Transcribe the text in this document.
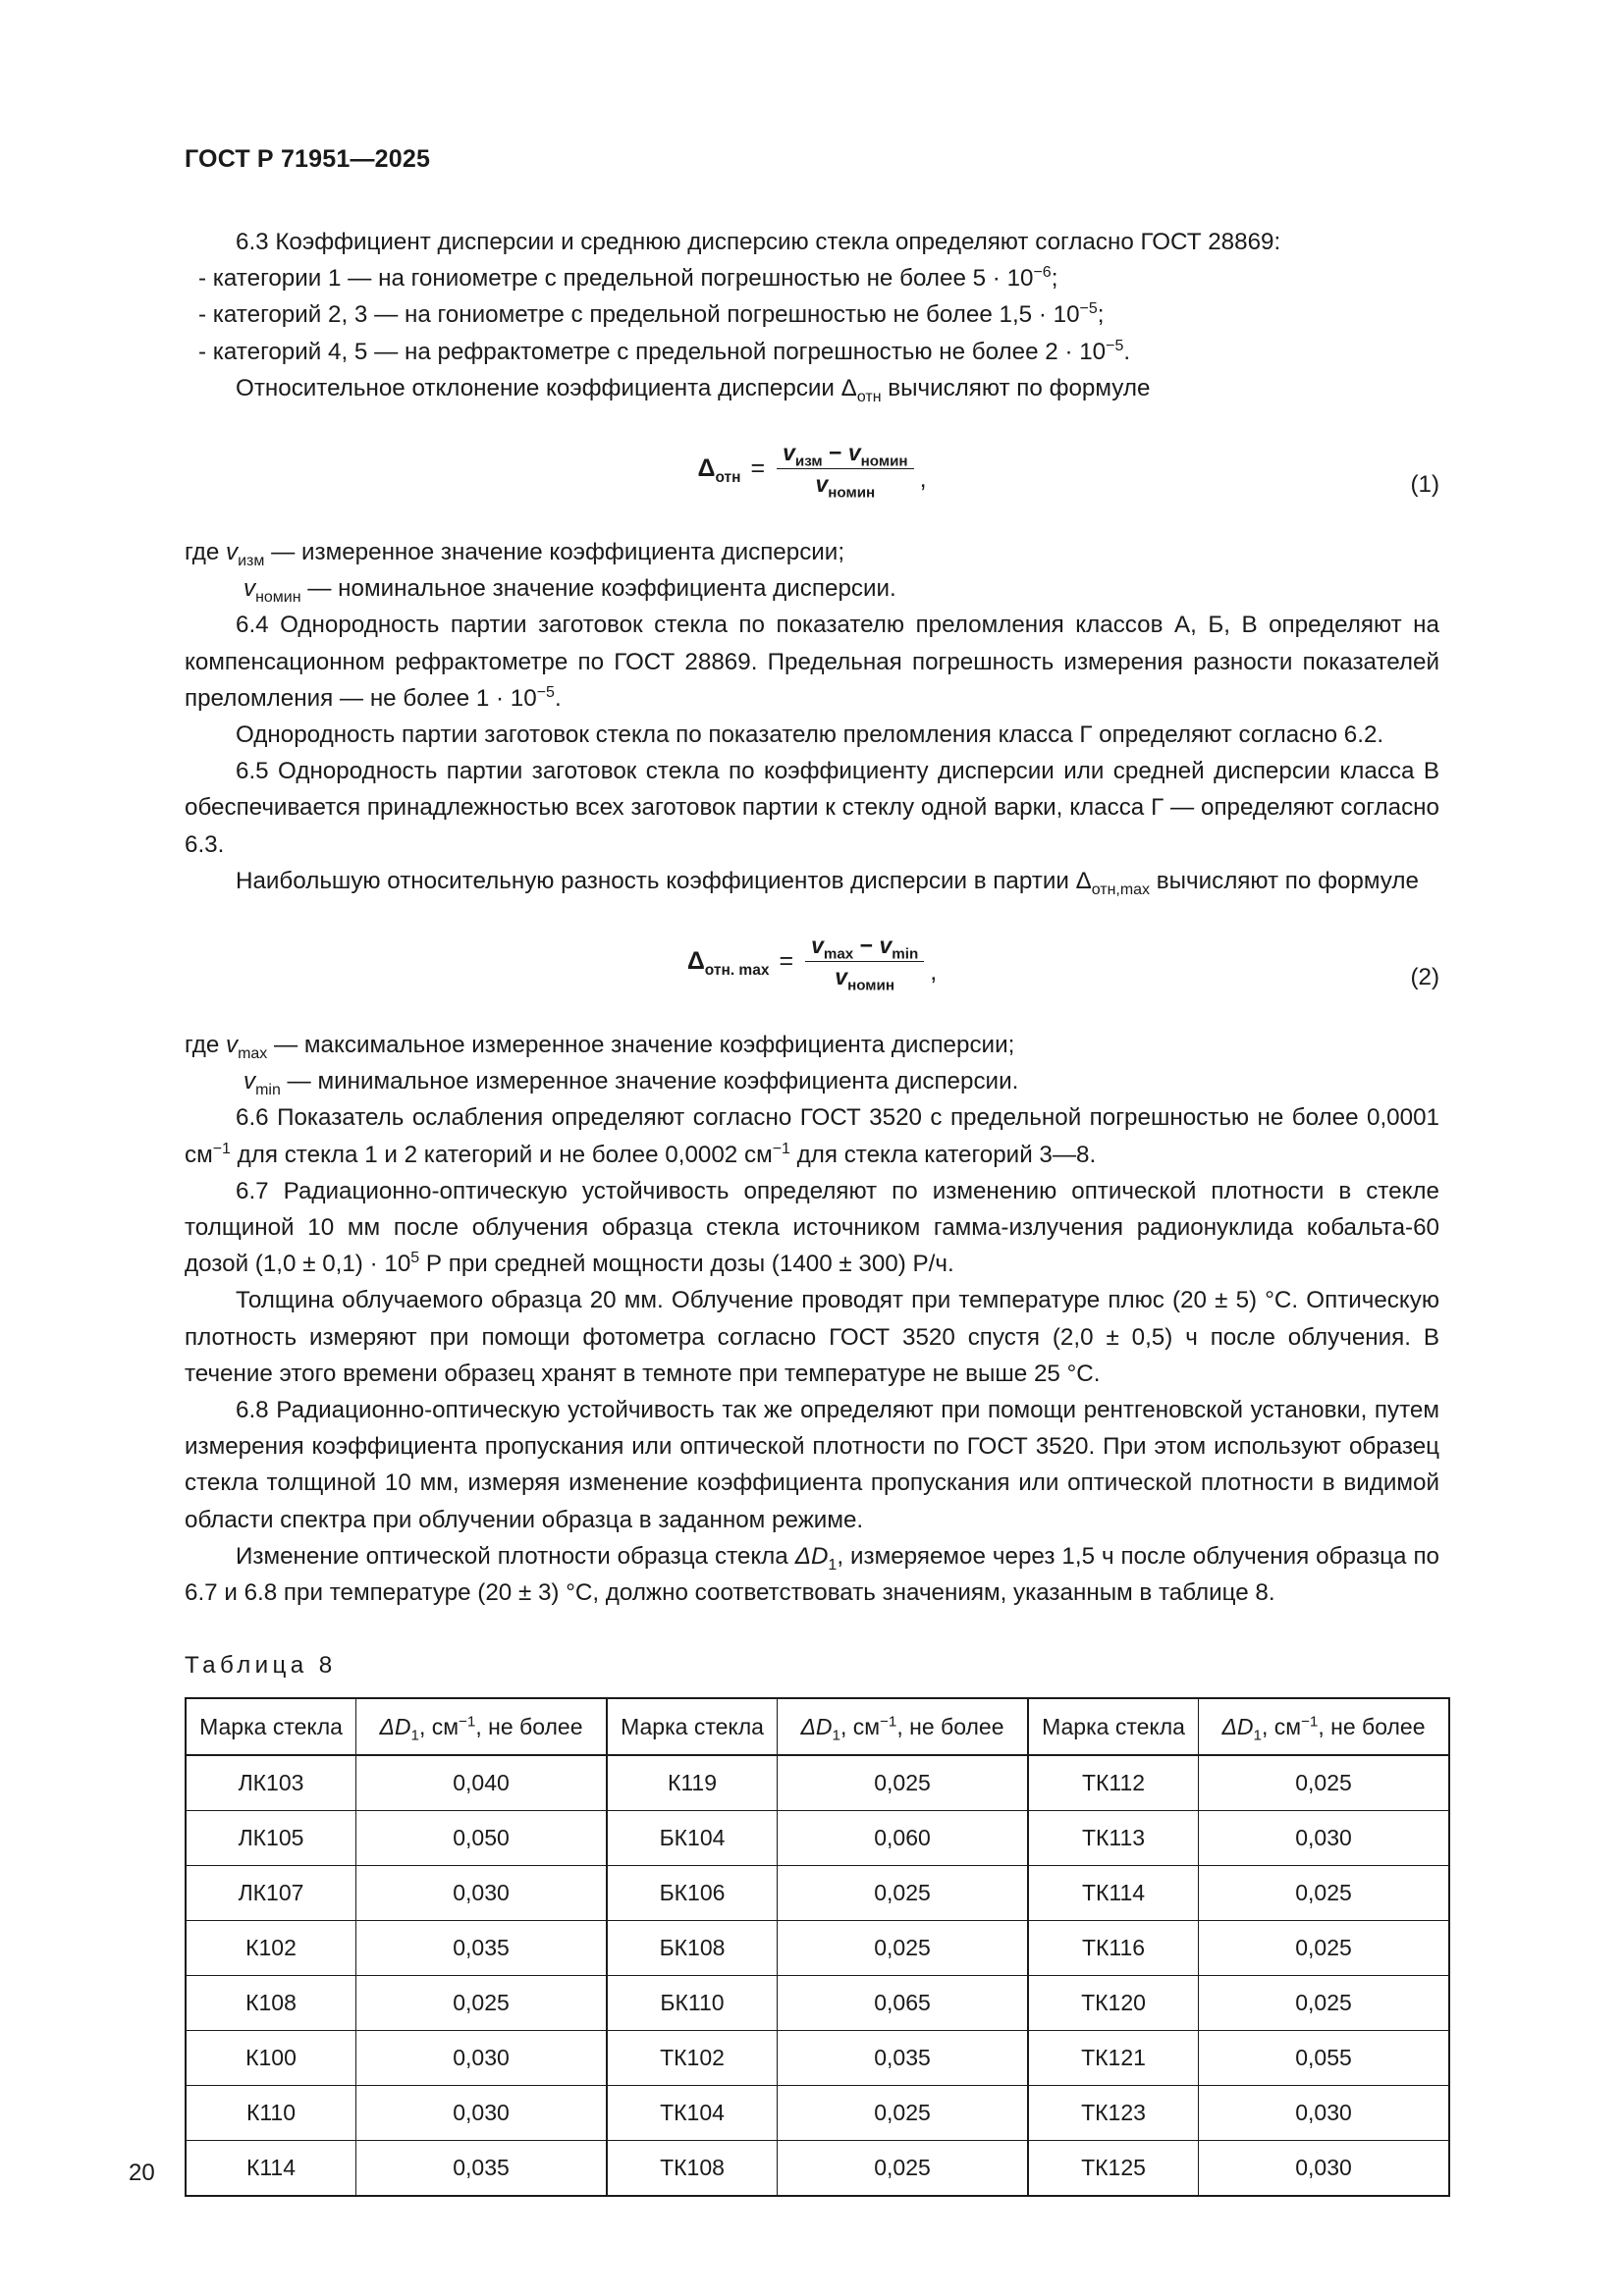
ГОСТ Р 71951—2025

6.3 Коэффициент дисперсии и среднюю дисперсию стекла определяют согласно ГОСТ 28869:

- категории 1 — на гониометре с предельной погрешностью не более $5 \cdot 10^{-6}$;

- категорий 2, 3 — на гониометре с предельной погрешностью не более $1,5 \cdot 10^{-5}$;

- категорий 4, 5 — на рефрактометре с предельной погрешностью не более $2 \cdot 10^{-5}$.

Относительное отклонение коэффициента дисперсии $\Delta_{отн}$ вычисляют по формуле

$\Delta_{отн} = \frac{v_{изм} - v_{номин}}{v_{номин}}$ ,	(1)
где $v_{изм}$ — измеренное значение коэффициента дисперсии;
$v_{номин}$ — номинальное значение коэффициента дисперсии.

6.4 Однородность партии заготовок стекла по показателю преломления классов А, Б, В определяют на компенсационном рефрактометре по ГОСТ 28869. Предельная погрешность измерения разности показателей преломления — не более $1 \cdot 10^{-5}$.

Однородность партии заготовок стекла по показателю преломления класса Г определяют согласно 6.2.

6.5 Однородность партии заготовок стекла по коэффициенту дисперсии или средней дисперсии класса В обеспечивается принадлежностью всех заготовок партии к стеклу одной варки, класса Г — определяют согласно 6.3.

Наибольшую относительную разность коэффициентов дисперсии в партии $\Delta_{отн,max}$ вычисляют по формуле

$\Delta_{отн. max} = \frac{v_{max} - v_{min}}{v_{номин}}$ ,	(2)
где $v_{max}$ — максимальное измеренное значение коэффициента дисперсии;
$v_{min}$ — минимальное измеренное значение коэффициента дисперсии.

6.6 Показатель ослабления определяют согласно ГОСТ 3520 с предельной погрешностью не более 0,0001 $см^{-1}$ для стекла 1 и 2 категорий и не более 0,0002 $см^{-1}$ для стекла категорий 3—8.

6.7 Радиационно-оптическую устойчивость определяют по изменению оптической плотности в стекле толщиной 10 мм после облучения образца стекла источником гамма-излучения радионуклида кобальта-60 дозой $(1,0 \pm 0,1) \cdot 10^5$ Р при средней мощности дозы (1400 ± 300) Р/ч.

Толщина облучаемого образца 20 мм. Облучение проводят при температуре плюс (20 ± 5) °C. Оптическую плотность измеряют при помощи фотометра согласно ГОСТ 3520 спустя (2,0 ± 0,5) ч после облучения. В течение этого времени образец хранят в темноте при температуре не выше 25 °C.

6.8 Радиационно-оптическую устойчивость так же определяют при помощи рентгеновской установки, путем измерения коэффициента пропускания или оптической плотности по ГОСТ 3520. При этом используют образец стекла толщиной 10 мм, измеряя изменение коэффициента пропускания или оптической плотности в видимой области спектра при облучении образца в заданном режиме.

Изменение оптической плотности образца стекла $\Delta D_1$, измеряемое через 1,5 ч после облучения образца по 6.7 и 6.8 при температуре (20 ± 3) °C, должно соответствовать значениям, указанным в таблице 8.

Таблица 8
Марка стекла	$\Delta D_1$, $см^{-1}$, не более	Марка стекла	$\Delta D_1$, $см^{-1}$, не более	Марка стекла	$\Delta D_1$, $см^{-1}$, не более
ЛК103	0,040	К119	0,025	ТК112	0,025
ЛК105	0,050	БК104	0,060	ТК113	0,030
ЛК107	0,030	БК106	0,025	ТК114	0,025
К102	0,035	БК108	0,025	ТК116	0,025
К108	0,025	БК110	0,065	ТК120	0,025
К100	0,030	ТК102	0,035	ТК121	0,055
К110	0,030	ТК104	0,025	ТК123	0,030
К114	0,035	ТК108	0,025	ТК125	0,030
20
